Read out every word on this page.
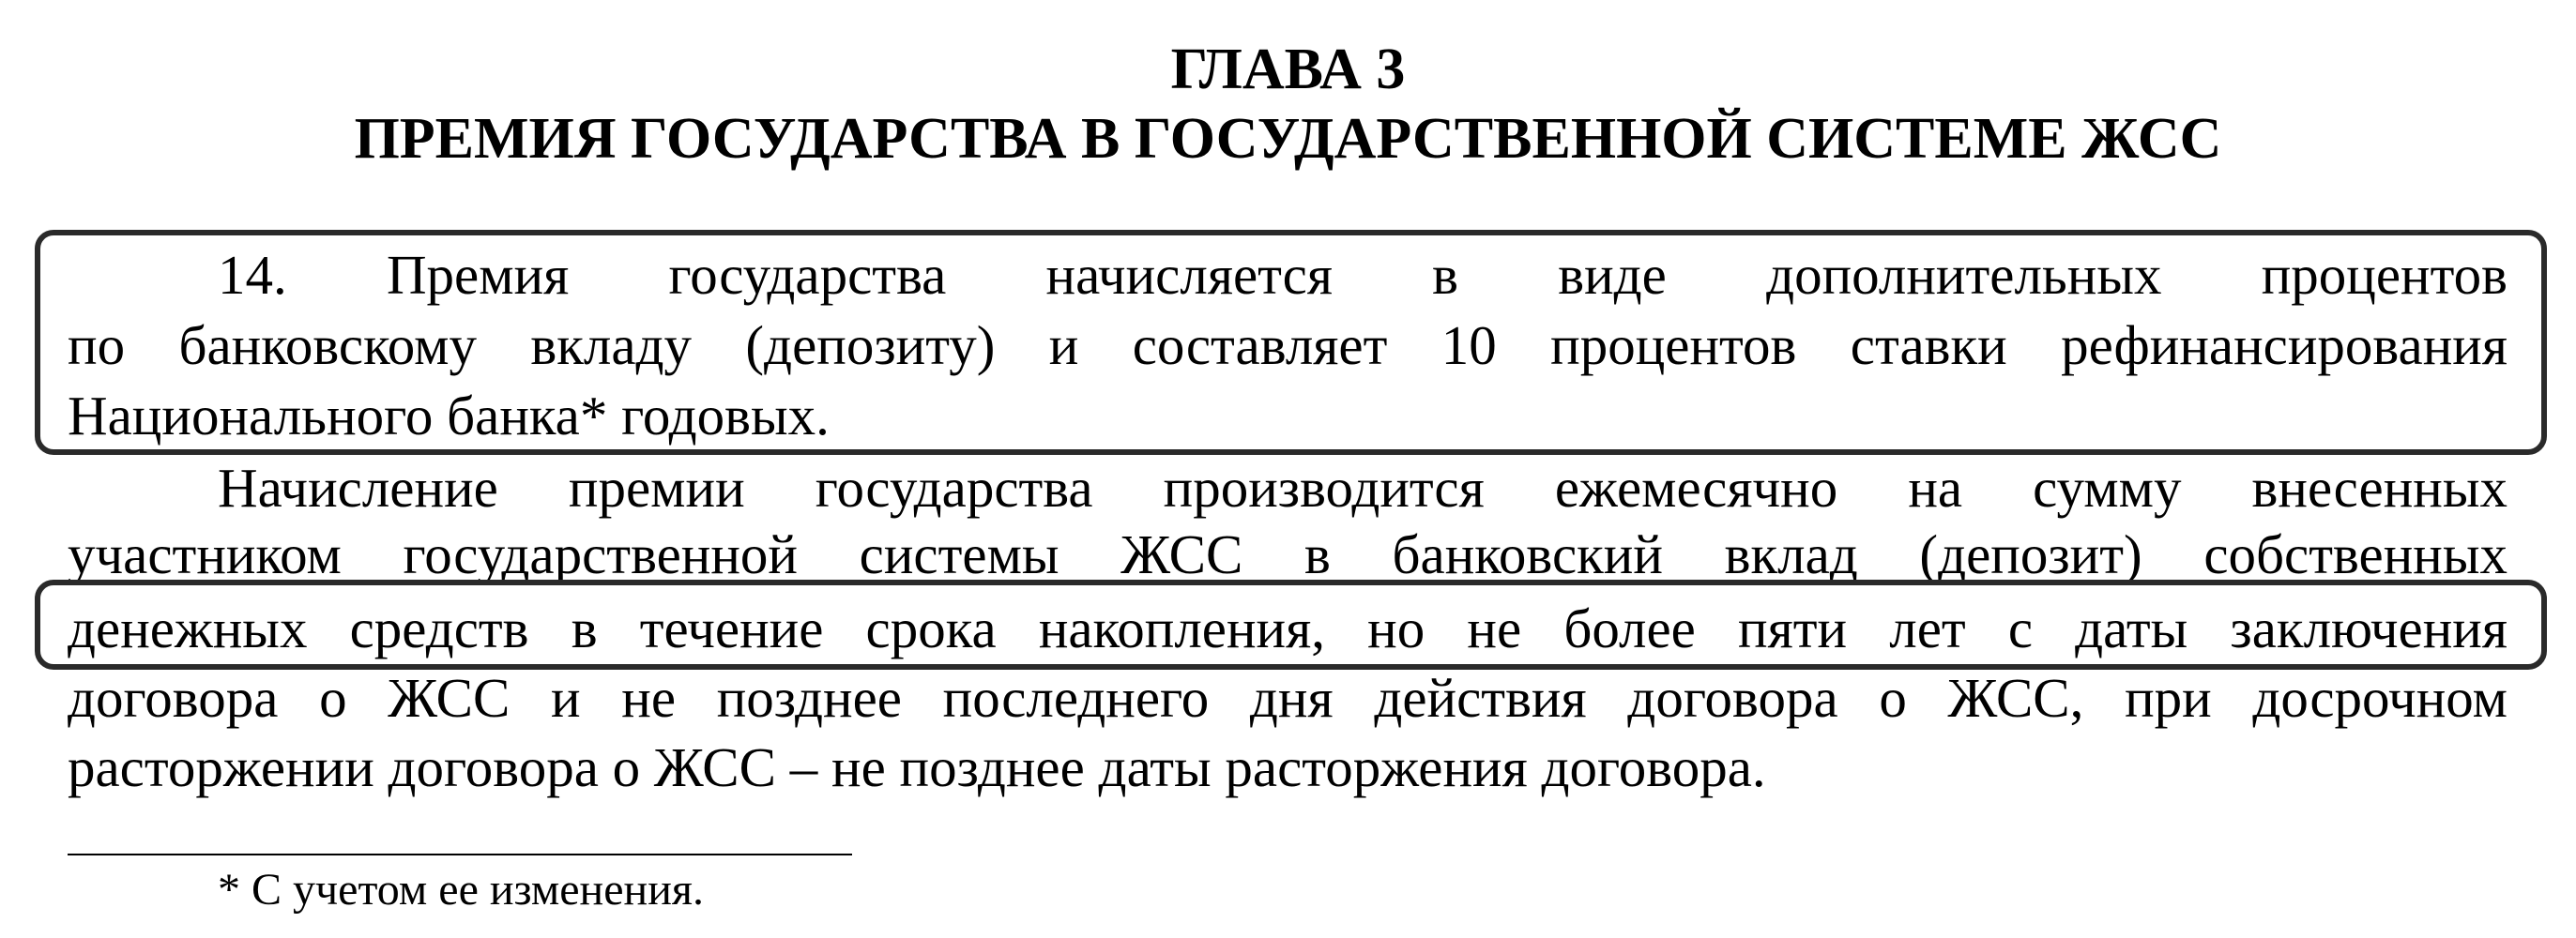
ГЛАВА 3
ПРЕМИЯ ГОСУДАРСТВА В ГОСУДАРСТВЕННОЙ СИСТЕМЕ ЖСС
14. Премия государства начисляется в виде дополнительных процентов
по банковскому вкладу (депозиту) и составляет 10 процентов ставки рефинансирования
Национального банка* годовых.
Начисление премии государства производится ежемесячно на сумму внесенных
участником государственной системы ЖСС в банковский вклад (депозит) собственных
денежных средств в течение срока накопления, но не более пяти лет с даты заключения
договора о ЖСС и не позднее последнего дня действия договора о ЖСС, при досрочном
расторжении договора о ЖСС – не позднее даты расторжения договора.
* С учетом ее изменения.
